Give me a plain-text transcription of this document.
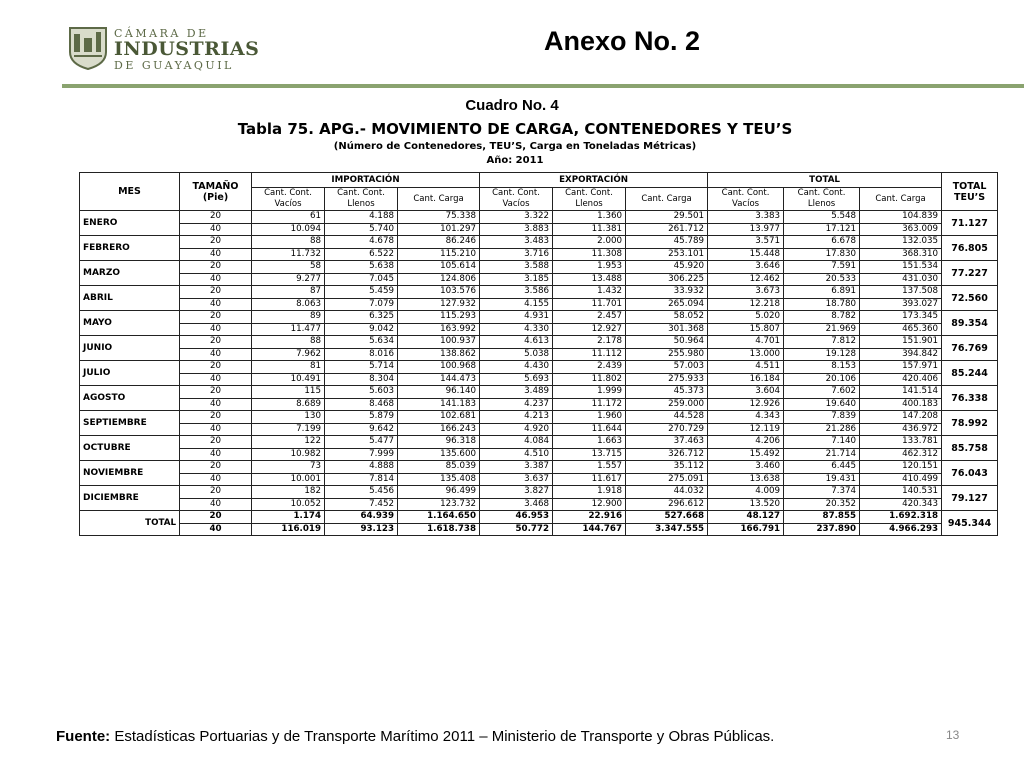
CÁMARA DE
INDUSTRIAS
DE GUAYAQUIL
Anexo No. 2
Cuadro No. 4
Tabla 75. APG.- MOVIMIENTO DE CARGA, CONTENEDORES Y TEU’S
(Número de Contenedores, TEU’S, Carga en Toneladas Métricas)
Año: 2011
MES	TAMAÑO (Pie)	IMPORTACIÓN			EXPORTACIÓN			TOTAL			TOTAL TEU’S
		Cant. Cont. Vacíos	Cant. Cont. Llenos	Cant. Carga	Cant. Cont. Vacíos	Cant. Cont. Llenos	Cant. Carga	Cant. Cont. Vacíos	Cant. Cont. Llenos	Cant. Carga	
ENERO	20	61	4.188	75.338	3.322	1.360	29.501	3.383	5.548	104.839	71.127
	40	10.094	5.740	101.297	3.883	11.381	261.712	13.977	17.121	363.009	
FEBRERO	20	88	4.678	86.246	3.483	2.000	45.789	3.571	6.678	132.035	76.805
	40	11.732	6.522	115.210	3.716	11.308	253.101	15.448	17.830	368.310	
MARZO	20	58	5.638	105.614	3.588	1.953	45.920	3.646	7.591	151.534	77.227
	40	9.277	7.045	124.806	3.185	13.488	306.225	12.462	20.533	431.030	
ABRIL	20	87	5.459	103.576	3.586	1.432	33.932	3.673	6.891	137.508	72.560
	40	8.063	7.079	127.932	4.155	11.701	265.094	12.218	18.780	393.027	
MAYO	20	89	6.325	115.293	4.931	2.457	58.052	5.020	8.782	173.345	89.354
	40	11.477	9.042	163.992	4.330	12.927	301.368	15.807	21.969	465.360	
JUNIO	20	88	5.634	100.937	4.613	2.178	50.964	4.701	7.812	151.901	76.769
	40	7.962	8.016	138.862	5.038	11.112	255.980	13.000	19.128	394.842	
JULIO	20	81	5.714	100.968	4.430	2.439	57.003	4.511	8.153	157.971	85.244
	40	10.491	8.304	144.473	5.693	11.802	275.933	16.184	20.106	420.406	
AGOSTO	20	115	5.603	96.140	3.489	1.999	45.373	3.604	7.602	141.514	76.338
	40	8.689	8.468	141.183	4.237	11.172	259.000	12.926	19.640	400.183	
SEPTIEMBRE	20	130	5.879	102.681	4.213	1.960	44.528	4.343	7.839	147.208	78.992
	40	7.199	9.642	166.243	4.920	11.644	270.729	12.119	21.286	436.972	
OCTUBRE	20	122	5.477	96.318	4.084	1.663	37.463	4.206	7.140	133.781	85.758
	40	10.982	7.999	135.600	4.510	13.715	326.712	15.492	21.714	462.312	
NOVIEMBRE	20	73	4.888	85.039	3.387	1.557	35.112	3.460	6.445	120.151	76.043
	40	10.001	7.814	135.408	3.637	11.617	275.091	13.638	19.431	410.499	
DICIEMBRE	20	182	5.456	96.499	3.827	1.918	44.032	4.009	7.374	140.531	79.127
	40	10.052	7.452	123.732	3.468	12.900	296.612	13.520	20.352	420.343	
TOTAL	20	1.174	64.939	1.164.650	46.953	22.916	527.668	48.127	87.855	1.692.318	945.344
	40	116.019	93.123	1.618.738	50.772	144.767	3.347.555	166.791	237.890	4.966.293	
Fuente: Estadísticas Portuarias y de Transporte Marítimo 2011 – Ministerio de Transporte y Obras Públicas.	13
